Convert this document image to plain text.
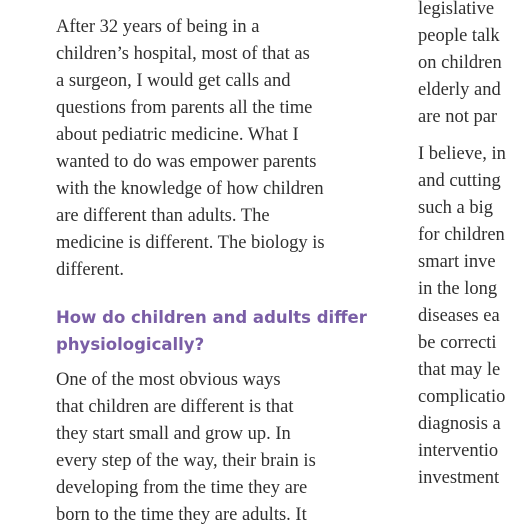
After 32 years of being in a
children’s hospital, most of that as
a surgeon, I would get calls and
questions from parents all the time
about pediatric medicine. What I
wanted to do was empower parents
with the knowledge of how children
are different than adults. The
medicine is different. The biology is
different.
How do children and adults differ
physiologically?
One of the most obvious ways
that children are different is that
they start small and grow up. In
every step of the way, their brain is
developing from the time they are
born to the time they are adults. It
legislative
people talk
on children
elderly and
are not par
I believe, in
and cutting
such a big
for children
smart inve
in the long
diseases ea
be correcti
that may le
complicatio
diagnosis a
interventio
investment
